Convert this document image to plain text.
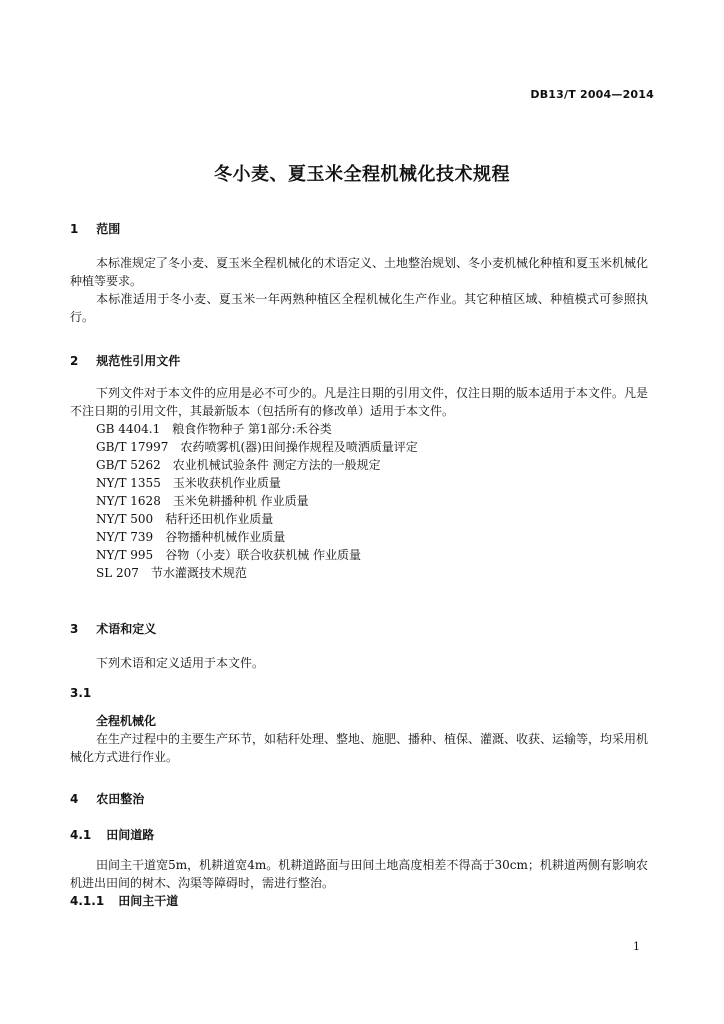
DB13/T 2004—2014
冬小麦、夏玉米全程机械化技术规程
1 范围

本标准规定了冬小麦、夏玉米全程机械化的术语定义、土地整治规划、冬小麦机械化种植和夏玉米机械化种植等要求。

本标准适用于冬小麦、夏玉米一年两熟种植区全程机械化生产作业。其它种植区域、种植模式可参照执行。

2 规范性引用文件

下列文件对于本文件的应用是必不可少的。凡是注日期的引用文件，仅注日期的版本适用于本文件。凡是不注日期的引用文件，其最新版本（包括所有的修改单）适用于本文件。

GB 4404.1　粮食作物种子 第1部分:禾谷类
GB/T 17997　农药喷雾机(器)田间操作规程及喷洒质量评定
GB/T 5262　农业机械试验条件 测定方法的一般规定
NY/T 1355　玉米收获机作业质量
NY/T 1628　玉米免耕播种机 作业质量
NY/T 500　秸秆还田机作业质量
NY/T 739　谷物播种机械作业质量
NY/T 995　谷物（小麦）联合收获机械 作业质量
SL 207　节水灌溉技术规范
3 术语和定义

下列术语和定义适用于本文件。

3.1
全程机械化

在生产过程中的主要生产环节，如秸秆处理、整地、施肥、播种、植保、灌溉、收获、运输等，均采用机械化方式进行作业。

4 农田整治
4.1 田间道路

田间主干道宽5m，机耕道宽4m。机耕道路面与田间土地高度相差不得高于30cm；机耕道两侧有影响农机进出田间的树木、沟渠等障碍时，需进行整治。

4.1.1 田间主干道
1
